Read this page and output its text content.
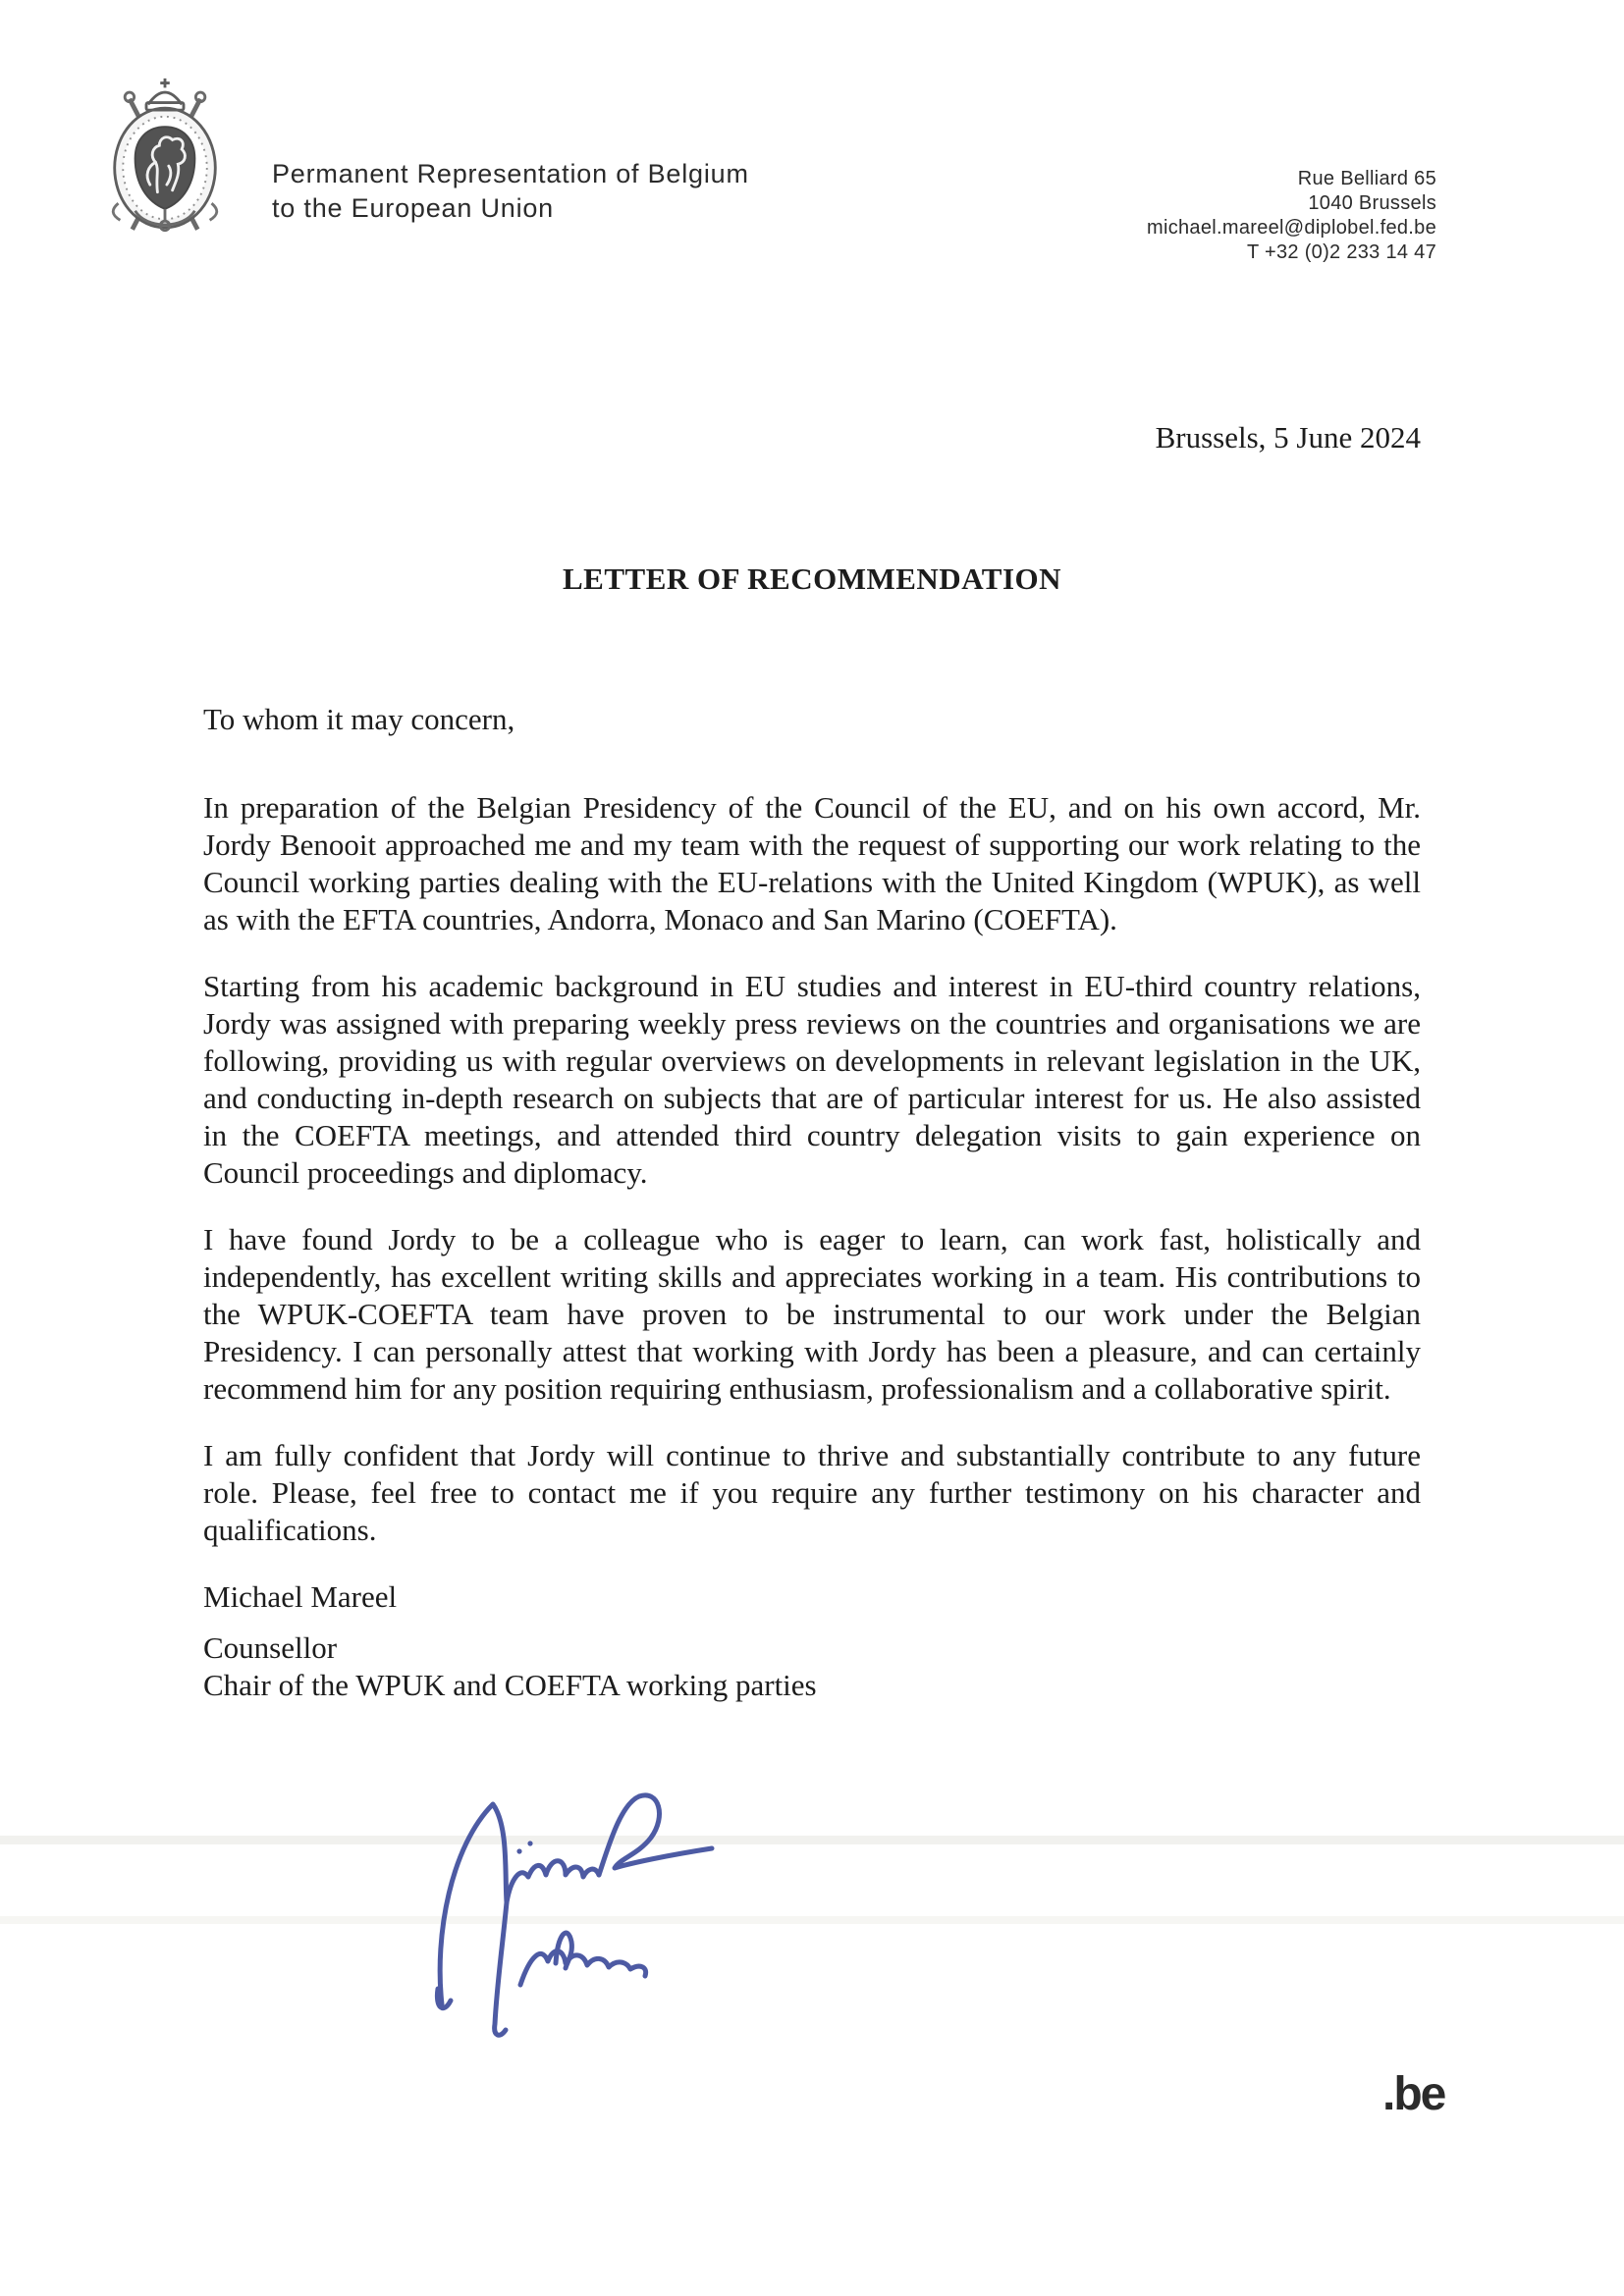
Permanent Representation of Belgium
to the European Union
Rue Belliard 65
1040 Brussels
michael.mareel@diplobel.fed.be
T +32 (0)2 233 14 47
Brussels, 5 June 2024
LETTER OF RECOMMENDATION

To whom it may concern,

In preparation of the Belgian Presidency of the Council of the EU, and on his own accord, Mr. Jordy Benooit approached me and my team with the request of supporting our work relating to the Council working parties dealing with the EU-relations with the United Kingdom (WPUK), as well as with the EFTA countries, Andorra, Monaco and San Marino (COEFTA).

Starting from his academic background in EU studies and interest in EU-third country relations, Jordy was assigned with preparing weekly press reviews on the countries and organisations we are following, providing us with regular overviews on developments in relevant legislation in the UK, and conducting in-depth research on subjects that are of particular interest for us. He also assisted in the COEFTA meetings, and attended third country delegation visits to gain experience on Council proceedings and diplomacy.

I have found Jordy to be a colleague who is eager to learn, can work fast, holistically and independently, has excellent writing skills and appreciates working in a team. His contributions to the WPUK-COEFTA team have proven to be instrumental to our work under the Belgian Presidency. I can personally attest that working with Jordy has been a pleasure, and can certainly recommend him for any position requiring enthusiasm, professionalism and a collaborative spirit.

I am fully confident that Jordy will continue to thrive and substantially contribute to any future role. Please, feel free to contact me if you require any further testimony on his character and qualifications.

Michael Mareel

Counsellor
Chair of the WPUK and COEFTA working parties
.be
